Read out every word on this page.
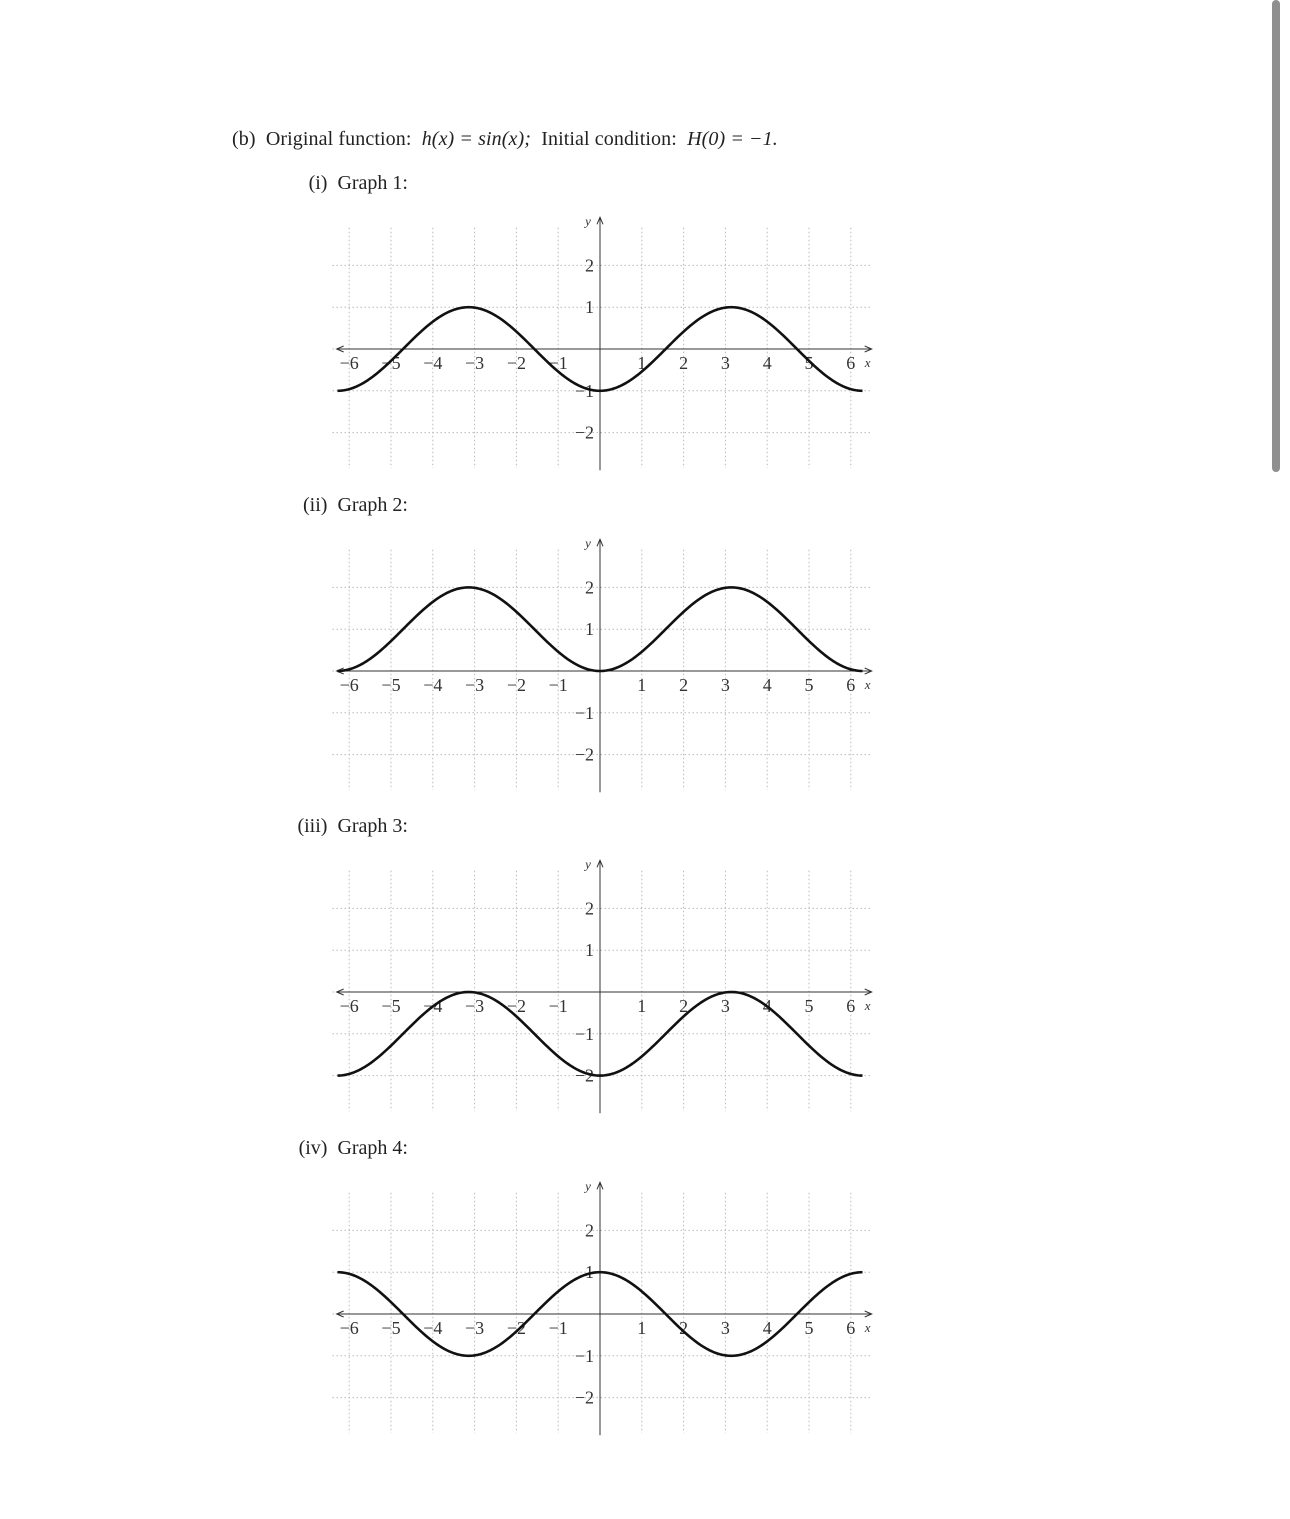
(b) Original function: h(x) = sin(x); Initial condition: H(0) = −1.
(i) Graph 1:
−6 −5 −4 −3 −2 −1	1 2 3 4 5 6
−2
−1
1
2
x
y
(ii) Graph 2:
−6 −5 −4 −3 −2 −1	1 2 3 4 5 6
−2
−1
1
2
x
y
(iii) Graph 3:
−6 −5 −4 −3 −2 −1	1 2 3 4 5 6
−2
−1
1
2
x
y
(iv) Graph 4:
−6 −5 −4 −3 −2 −1	1 2 3 4 5 6
−2
−1
1
2
x
y
